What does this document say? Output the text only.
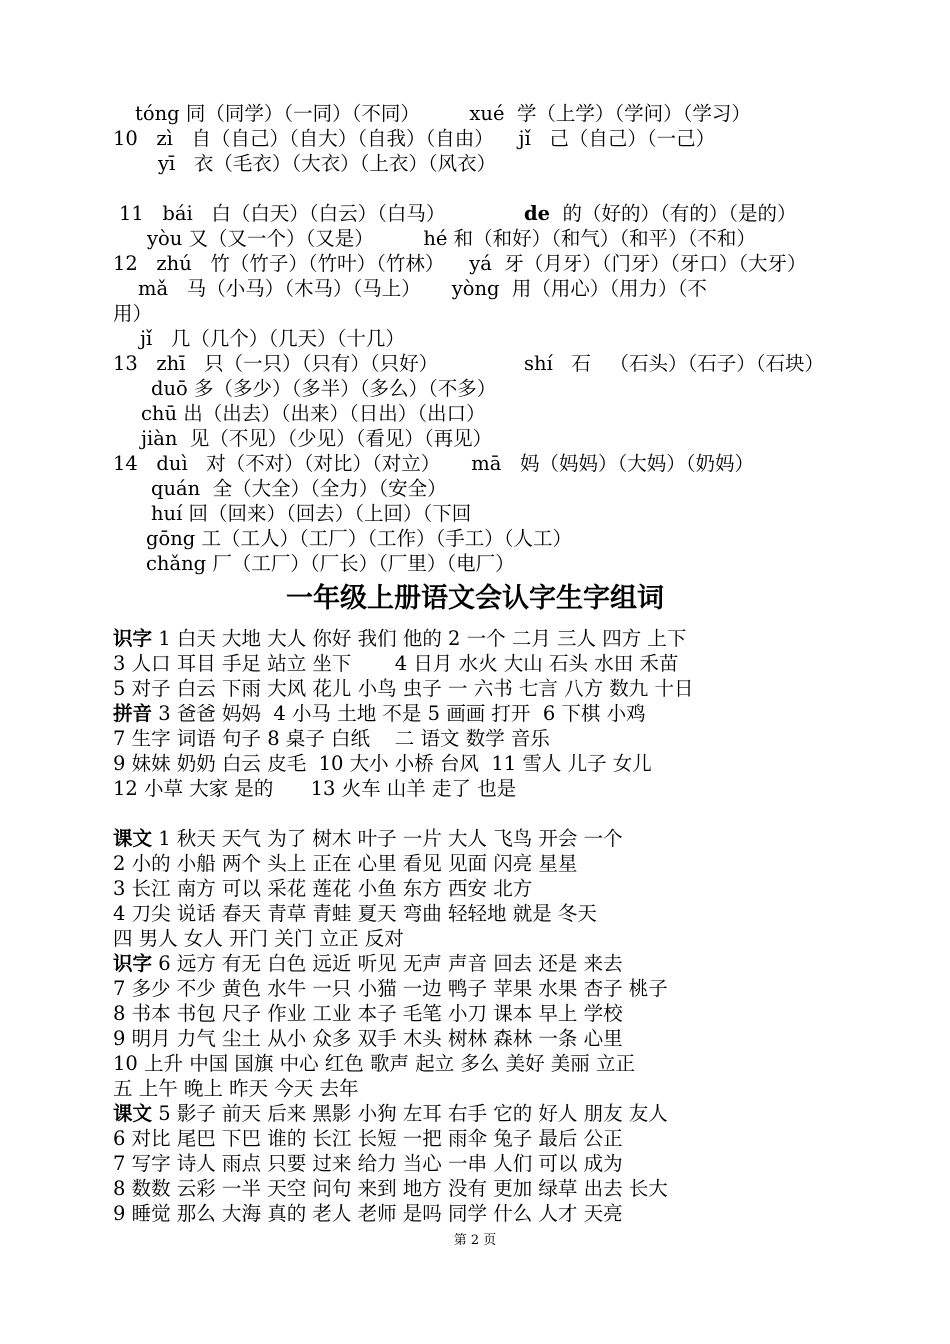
tóng 同（同学）（一同）（不同）        xué  学（上学）（学问）（学习）
10   zì   自（自己）（自大）（自我）（自由）    jǐ   己（自己）（一己）
yī   衣（毛衣）（大衣）（上衣）（风衣）
11   bái   白（白天）（白云）（白马）	de  的（好的）（有的）（是的）
yòu 又（又一个）（又是）        hé 和（和好）（和气）（和平）（不和）
12   zhú   竹（竹子）（竹叶）（竹林）    yá  牙（月牙）（门牙）（牙口）（大牙）
mǎ   马（小马）（木马）（马上）     yòng  用（用心）（用力）（不
用）
jǐ   几（几个）（几天）（十几）
13   zhī   只（一只）（只有）（只好）	shí   石   （石头）（石子）（石块）
duō 多（多少）（多半）（多么）（不多）
chū 出（出去）（出来）（日出）（出口）
jiàn  见（不见）（少见）（看见）（再见）
14   duì   对（不对）（对比）（对立）     mā   妈（妈妈）（大妈）（奶妈）
quán  全（大全）（全力）（安全）
huí 回（回来）（回去）（上回）（下回
gōng 工（工人）（工厂）（工作）（手工）（人工）
chǎng 厂（工厂）（厂长）（厂里）（电厂）
一年级上册语文会认字生字组词
识字 1 白天 大地 大人 你好 我们 他的 2 一个 二月 三人 四方 上下
3 人口 耳目 手足 站立 坐下       4 日月 水火 大山 石头 水田 禾苗
5 对子 白云 下雨 大风 花儿 小鸟 虫子 一 六书 七言 八方 数九 十日
拼音 3 爸爸 妈妈  4 小马 土地 不是 5 画画 打开  6 下棋 小鸡
7 生字 词语 句子 8 桌子 白纸    二 语文 数学 音乐
9 妹妹 奶奶 白云 皮毛  10 大小 小桥 台风  11 雪人 儿子 女儿
12 小草 大家 是的      13 火车 山羊 走了 也是
课文 1 秋天 天气 为了 树木 叶子 一片 大人 飞鸟 开会 一个
2 小的 小船 两个 头上 正在 心里 看见 见面 闪亮 星星
3 长江 南方 可以 采花 莲花 小鱼 东方 西安 北方
4 刀尖 说话 春天 青草 青蛙 夏天 弯曲 轻轻地 就是 冬天
四 男人 女人 开门 关门 立正 反对
识字 6 远方 有无 白色 远近 听见 无声 声音 回去 还是 来去
7 多少 不少 黄色 水牛 一只 小猫 一边 鸭子 苹果 水果 杏子 桃子
8 书本 书包 尺子 作业 工业 本子 毛笔 小刀 课本 早上 学校
9 明月 力气 尘土 从小 众多 双手 木头 树林 森林 一条 心里
10 上升 中国 国旗 中心 红色 歌声 起立 多么 美好 美丽 立正
五 上午 晚上 昨天 今天 去年
课文 5 影子 前天 后来 黑影 小狗 左耳 右手 它的 好人 朋友 友人
6 对比 尾巴 下巴 谁的 长江 长短 一把 雨伞 兔子 最后 公正
7 写字 诗人 雨点 只要 过来 给力 当心 一串 人们 可以 成为
8 数数 云彩 一半 天空 问句 来到 地方 没有 更加 绿草 出去 长大
9 睡觉 那么 大海 真的 老人 老师 是吗 同学 什么 人才 天亮
第 2 页
